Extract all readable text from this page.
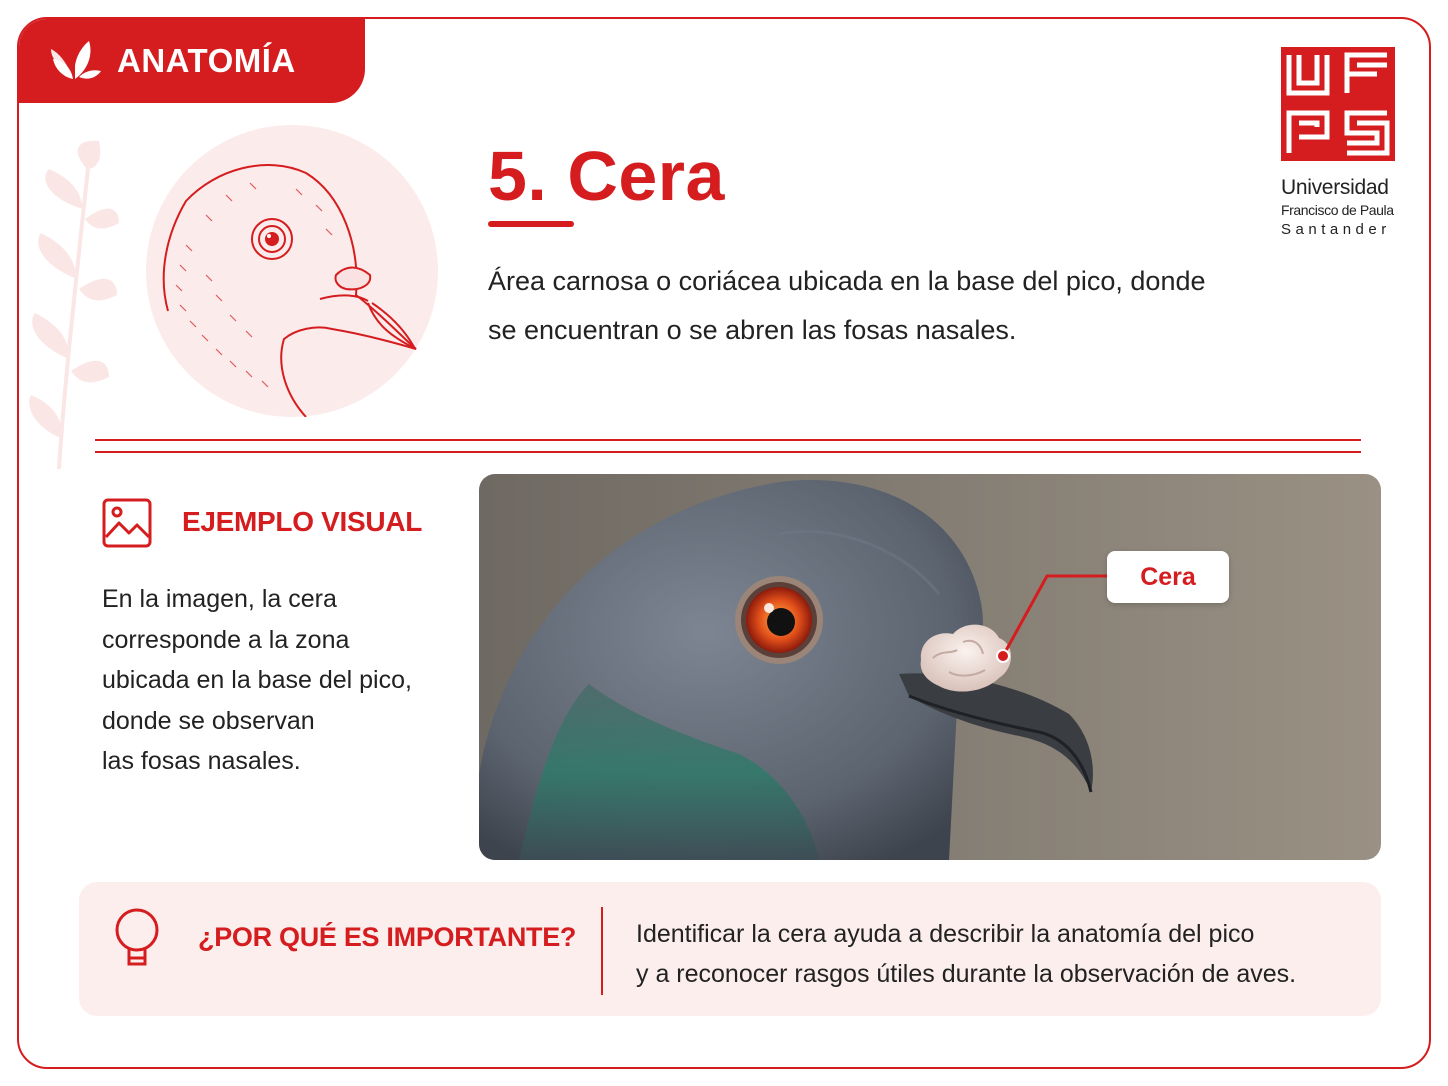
ANATOMÍA
5. Cera
Área carnosa o coriácea ubicada en la base del pico, donde se encuentran o se abren las fosas nasales.
Universidad
Francisco de Paula
Santander
EJEMPLO VISUAL
En la imagen, la cera
corresponde a la zona
ubicada en la base del pico,
donde se observan
las fosas nasales.
Cera
¿POR QUÉ ES IMPORTANTE? Identificar la cera ayuda a describir la anatomía del pico
y a reconocer rasgos útiles durante la observación de aves.
